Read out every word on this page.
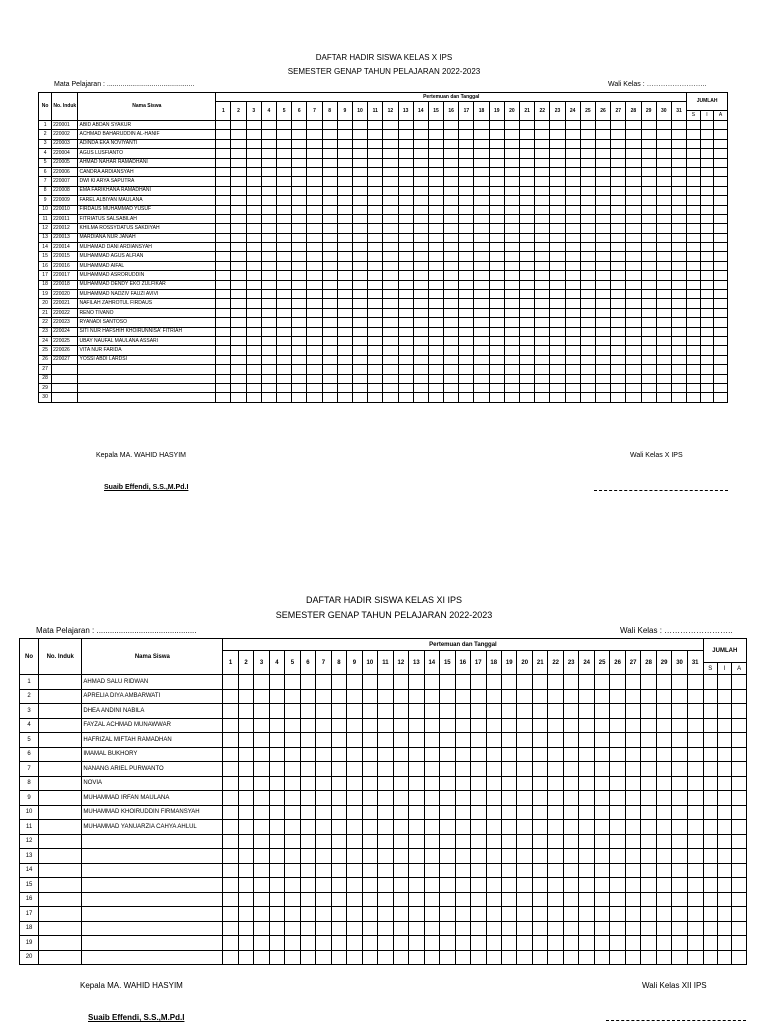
DAFTAR HADIR SISWA KELAS X IPS
SEMESTER GENAP TAHUN PELAJARAN 2022-2023
Mata Pelajaran : .............................................	Wali Kelas : ……………………..
No	No. Induk	Nama Siswa	Pertemuan dan Tanggal																															JUMLAH		
			1	2	3	4	5	6	7	8	9	10	11	12	13	14	15	16	17	18	19	20	21	22	23	24	25	26	27	28	29	30	31			
																																		S	I	A
1	220001	ABID ABDAN SYAKUR																																		
2	220002	ACHMAD BAHARUDDIN AL-HANIF																																		
3	220003	ADINDA EKA NOVIYANTI																																		
4	220004	AGUS LUSFIANTO																																		
5	220005	AHMAD NAHAR RAMADHANI																																		
6	220006	CANDRA ARDIANSYAH																																		
7	220007	DWI KI ARYA SAPUTRA																																		
8	220008	EMA FARIKHANA RAMADHANI																																		
9	220009	FAREL ALBIYAN MAULANA																																		
10	220010	FIRDAUS MUHAMMAD YUSUF																																		
11	220011	FITRIATUS SALSABILAH																																		
12	220012	KHILMA ROSSYDATUS SAKDIYAH																																		
13	220013	MARDIANA NUR JANAH																																		
14	220014	MUHAMAD DANI ARDIANSYAH																																		
15	220015	MUHAMMAD AGUS ALFIAN																																		
16	220016	MUHAMMAD AIFAL																																		
17	220017	MUHAMMAD ASRORUDDIN																																		
18	220018	MUHAMMAD DENDY EKO ZULFIKAR																																		
19	220020	MUHAMMAD NADZIV FAUZI AVIVI																																		
20	220021	NAFILAH ZAHROTUL FIRDAUS																																		
21	220022	RENO TIVANO																																		
22	220023	RYANADI SANTOSO																																		
23	220024	SITI NUR HAFSHIH KHOIRUNNISA' FITRIAH																																		
24	220025	UBAY NAUFAL MAULANA ASSARI																																		
25	220026	VITA NUR FARIDA																																		
26	220027	YOSSI ABDI LARDSI																																		
27																																				
28																																				
29																																				
30																																				
Kepala MA. WAHID HASYIM
Suaib Effendi, S.S.,M.Pd.I
Wali Kelas X IPS
DAFTAR HADIR SISWA KELAS XI IPS
SEMESTER GENAP TAHUN PELAJARAN 2022-2023
Mata Pelajaran : .............................................	Wali Kelas : ……………………..
No	No. Induk	Nama Siswa	Pertemuan dan Tanggal																															JUMLAH		
			1	2	3	4	5	6	7	8	9	10	11	12	13	14	15	16	17	18	19	20	21	22	23	24	25	26	27	28	29	30	31			
																																		S	I	A
1		AHMAD SALU RIDWAN																																		
2		APRELIA DIYA AMBARWATI																																		
3		DHEA ANDINI NABILA																																		
4		FAYZAL ACHMAD MUNAWWAR																																		
5		HAFRIZAL MIFTAH RAMADHAN																																		
6		IMAMAL BUKHORY																																		
7		NANANG ARIEL PURWANTO																																		
8		NOVIA																																		
9		MUHAMMAD IRFAN MAULANA																																		
10		MUHAMMAD KHOIRUDDIN FIRMANSYAH																																		
11		MUHAMMAD YANUARZIA CAHYA AHLUL																																		
12																																				
13																																				
14																																				
15																																				
16																																				
17																																				
18																																				
19																																				
20																																				
Kepala MA. WAHID HASYIM
Suaib Effendi, S.S.,M.Pd.I
Wali Kelas XII IPS
